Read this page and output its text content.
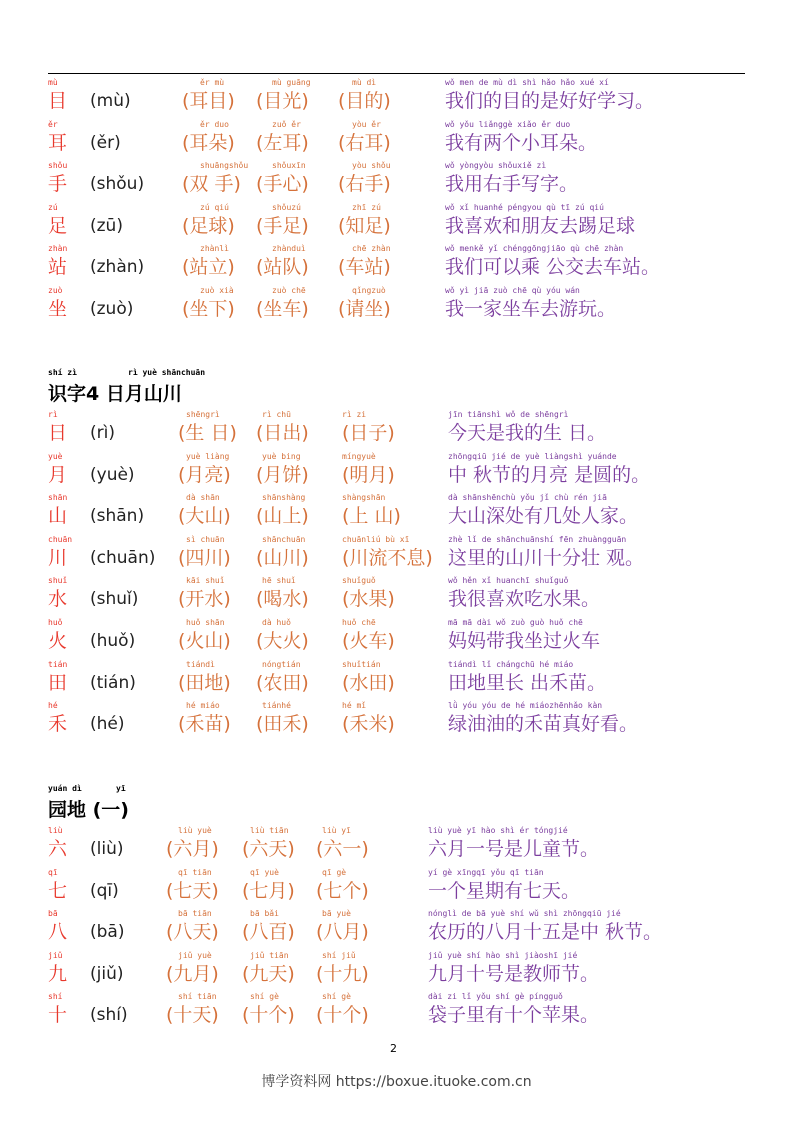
mù
目 (mù)
ěr mù
(耳目)
mù guāng
(目光)
mù dì
(目的)
wǒ men de mù dì shì hǎo hǎo xué xí
我们的目的是好好学习。
ěr
耳 (ěr)
ěr duo
(耳朵)
zuǒ ěr
(左耳)
yòu ěr
(右耳)
wǒ yǒu liǎnggè xiǎo ěr duo
我有两个小耳朵。
shǒu
手 (shǒu)
shuāngshǒu
(双 手)
shǒuxīn
(手心)
yòu shǒu
(右手)
wǒ yòngyòu shǒuxiě zì
我用右手写字。
zú
足 (zū)
zú qiú
(足球)
shǒuzú
(手足)
zhī zú
(知足)
wǒ xǐ huanhé péngyou qù tī zú qiú
我喜欢和朋友去踢足球
zhàn
站 (zhàn)
zhànlì
(站立)
zhànduì
(站队)
chē zhàn
(车站)
wǒ menkě yǐ chénggōngjiāo qù chē zhàn
我们可以乘 公交去车站。
zuò
坐 (zuò)
zuò xià
(坐下)
zuò chē
(坐车)
qǐngzuò
(请坐)
wǒ yì jiā zuò chē qù yóu wán
我一家坐车去游玩。
shí zì	rì yuè shānchuān
识字4 日月山川
rì
日 (rì)
shēngrì
(生 日)
rì chū
(日出)
rì zi
(日子)
jīn tiānshì wǒ de shēngrì
今天是我的生 日。
yuè
月 (yuè)
yuè liàng
(月亮)
yuè bing
(月饼)
míngyuè
(明月)
zhōngqiū jié de yuè liàngshì yuánde
中 秋节的月亮 是圆的。
shān
山 (shān)
dà shān
(大山)
shānshàng
(山上)
shàngshān
(上 山)
dà shānshēnchù yǒu jǐ chù rén jiā
大山深处有几处人家。
chuān
川 (chuān)
sì chuān
(四川)
shānchuān
(山川)
chuānliú bù xī
(川流不息)
zhè lǐ de shānchuānshí fēn zhuàngguān
这里的山川十分壮 观。
shuǐ
水 (shuǐ)
kāi shuǐ
(开水)
hē shuǐ
(喝水)
shuǐguǒ
(水果)
wǒ hěn xǐ huanchī shuǐguǒ
我很喜欢吃水果。
huǒ
火 (huǒ)
huǒ shān
(火山)
dà huǒ
(大火)
huǒ chē
(火车)
mā mā dài wǒ zuò guò huǒ chē
妈妈带我坐过火车
tián
田 (tián)
tiándì
(田地)
nóngtián
(农田)
shuǐtián
(水田)
tiándì lǐ chángchū hé miáo
田地里长 出禾苗。
hé
禾 (hé)
hé miáo
(禾苗)
tiánhé
(田禾)
hé mǐ
(禾米)
lǜ yóu yóu de hé miáozhēnhǎo kàn
绿油油的禾苗真好看。
yuán dì	yī
园地 (一)
liù
六 (liù)
liù yuè
(六月)
liù tiān
(六天)
liù yī
(六一)
liù yuè yī hào shì ér tóngjié
六月一号是儿童节。
qī
七 (qī)
qī tiān
(七天)
qī yuè
(七月)
qī gè
(七个)
yí gè xīngqī yǒu qī tiān
一个星期有七天。
bā
八 (bā)
bā tiān
(八天)
bā bǎi
(八百)
bā yuè
(八月)
nónglì de bā yuè shí wǔ shì zhōngqiū jié
农历的八月十五是中 秋节。
jiǔ
九 (jiǔ)
jiǔ yuè
(九月)
jiǔ tiān
(九天)
shí jiǔ
(十九)
jiǔ yuè shí hào shì jiàoshī jié
九月十号是教师节。
shí
十 (shí)
shí tiān
(十天)
shí gè
(十个)
shí gè
(十个)
dài zi lǐ yǒu shí gè píngguǒ
袋子里有十个苹果。
2
博学资料网 https://boxue.ituoke.com.cn
